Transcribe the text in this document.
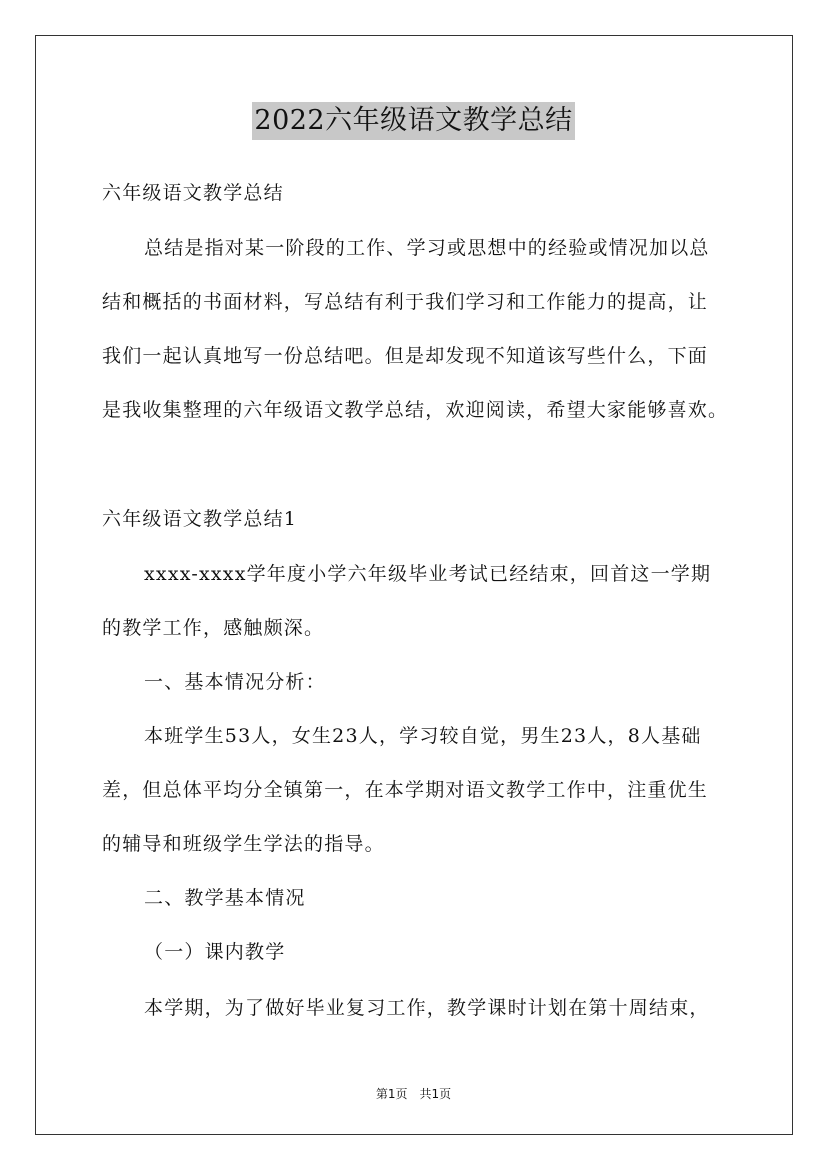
2022六年级语文教学总结
六年级语文教学总结
总结是指对某一阶段的工作、学习或思想中的经验或情况加以总
结和概括的书面材料，写总结有利于我们学习和工作能力的提高，让
我们一起认真地写一份总结吧。但是却发现不知道该写些什么，下面
是我收集整理的六年级语文教学总结，欢迎阅读，希望大家能够喜欢。
六年级语文教学总结1
xxxx-xxxx学年度小学六年级毕业考试已经结束，回首这一学期
的教学工作，感触颇深。
一、基本情况分析：
本班学生53人，女生23人，学习较自觉，男生23人，8人基础
差，但总体平均分全镇第一，在本学期对语文教学工作中，注重优生
的辅导和班级学生学法的指导。
二、教学基本情况
（一）课内教学
本学期，为了做好毕业复习工作，教学课时计划在第十周结束，
第1页 共1页
